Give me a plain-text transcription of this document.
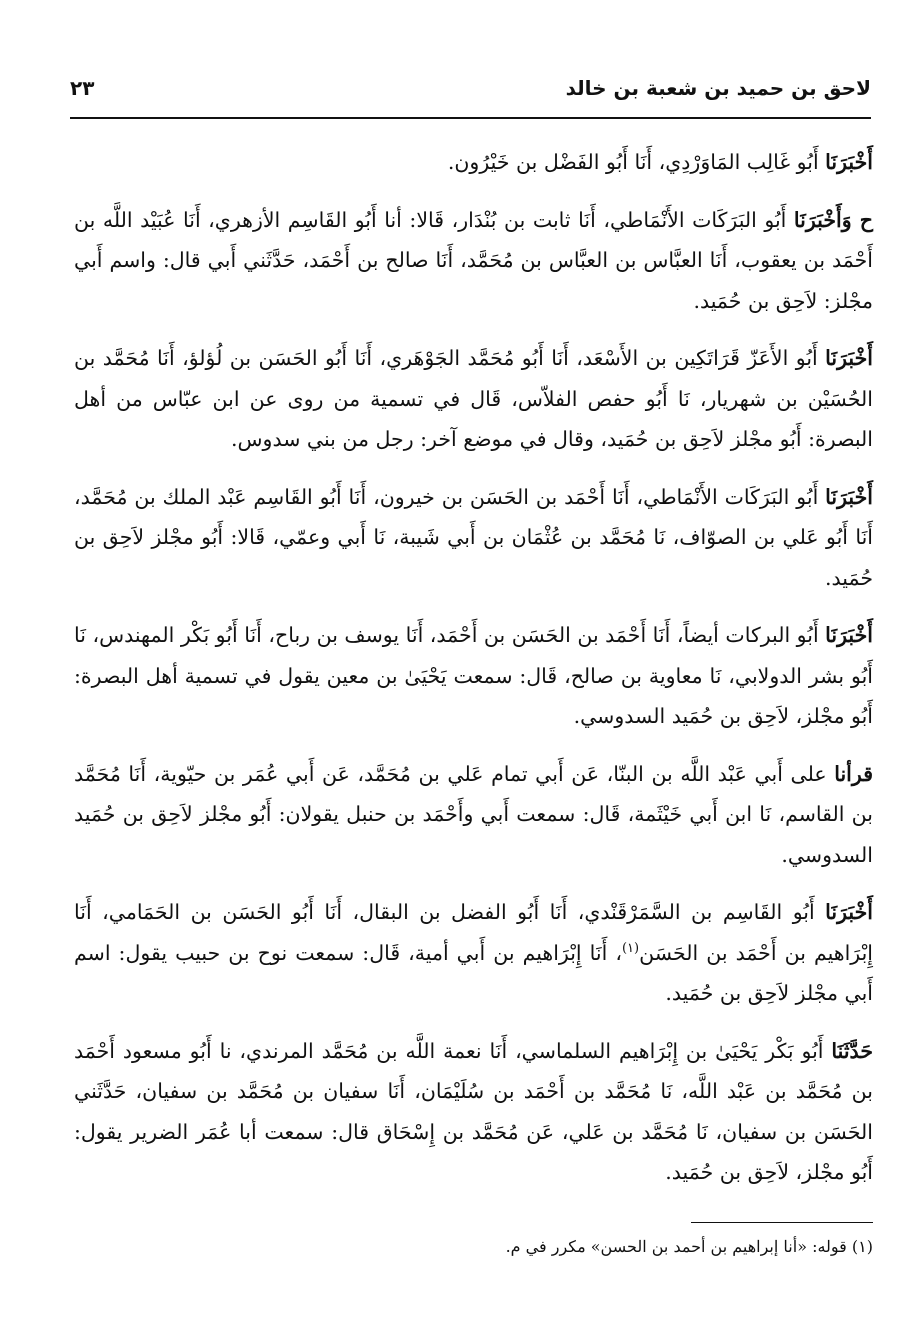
لاحق بن حميد بن شعبة بن خالد
٢٣

أَخْبَرَنَا أَبُو غَالِب المَاوَرْدِي، أَنَا أَبُو الفَضْل بن خَيْرُون.

ح وَأَخْبَرَنَا أَبُو البَرَكَات الأَنْمَاطي، أَنَا ثابت بن بُنْدَار، قَالا: أنا أَبُو القَاسِم الأزهري، أَنَا عُبَيْد اللَّه بن أَحْمَد بن يعقوب، أَنَا العبَّاس بن العبَّاس بن مُحَمَّد، أَنَا صالح بن أَحْمَد، حَدَّثَني أَبي قال: واسم أَبي مجْلز: لاَحِق بن حُمَيد.

أَخْبَرَنَا أَبُو الأَعَزّ قَرَاتَكِين بن الأَسْعَد، أَنَا أَبُو مُحَمَّد الجَوْهَري، أَنَا أَبُو الحَسَن بن لُؤلؤ، أَنَا مُحَمَّد بن الحُسَيْن بن شهريار، نَا أَبُو حفص الفلاّس، قَال في تسمية من روى عن ابن عبّاس من أهل البصرة: أَبُو مجْلز لاَحِق بن حُمَيد، وقال في موضع آخر: رجل من بني سدوس.

أَخْبَرَنَا أَبُو البَرَكَات الأَنْمَاطي، أَنَا أَحْمَد بن الحَسَن بن خيرون، أَنَا أَبُو القَاسِم عَبْد الملك بن مُحَمَّد، أَنَا أَبُو عَلي بن الصوّاف، نَا مُحَمَّد بن عُثْمَان بن أَبي شَيبة، نَا أَبي وعمّي، قَالا: أَبُو مجْلز لاَحِق بن حُمَيد.

أَخْبَرَنَا أَبُو البركات أيضاً، أَنَا أَحْمَد بن الحَسَن بن أَحْمَد، أَنَا يوسف بن رباح، أَنَا أَبُو بَكْر المهندس، نَا أَبُو بشر الدولابي، نَا معاوية بن صالح، قَال: سمعت يَحْيَىٰ بن معين يقول في تسمية أهل البصرة: أَبُو مجْلز، لاَحِق بن حُمَيد السدوسي.

قرأنا على أَبي عَبْد اللَّه بن البنّا، عَن أَبي تمام عَلي بن مُحَمَّد، عَن أَبي عُمَر بن حيّوية، أَنَا مُحَمَّد بن القاسم، نَا ابن أَبي خَيْثَمة، قَال: سمعت أَبي وأَحْمَد بن حنبل يقولان: أَبُو مجْلز لاَحِق بن حُمَيد السدوسي.

أَخْبَرَنَا أَبُو القَاسِم بن السَّمَرْقَنْدي، أَنَا أَبُو الفضل بن البقال، أَنَا أَبُو الحَسَن بن الحَمَامي، أَنَا إِبْرَاهيم بن أَحْمَد بن الحَسَن$^{(١)}$، أَنَا إِبْرَاهيم بن أَبي أمية، قَال: سمعت نوح بن حبيب يقول: اسم أَبي مجْلز لاَحِق بن حُمَيد.

حَدَّثَنَا أَبُو بَكْر يَحْيَىٰ بن إِبْرَاهيم السلماسي، أَنَا نعمة اللَّه بن مُحَمَّد المرندي، نا أَبُو مسعود أَحْمَد بن مُحَمَّد بن عَبْد اللَّه، نَا مُحَمَّد بن أَحْمَد بن سُلَيْمَان، أَنَا سفيان بن مُحَمَّد بن سفيان، حَدَّثَني الحَسَن بن سفيان، نَا مُحَمَّد بن عَلي، عَن مُحَمَّد بن إِسْحَاق قال: سمعت أبا عُمَر الضرير يقول: أَبُو مجْلز، لاَحِق بن حُمَيد.

(١) قوله: «أنا إبراهيم بن أحمد بن الحسن» مكرر في م.
